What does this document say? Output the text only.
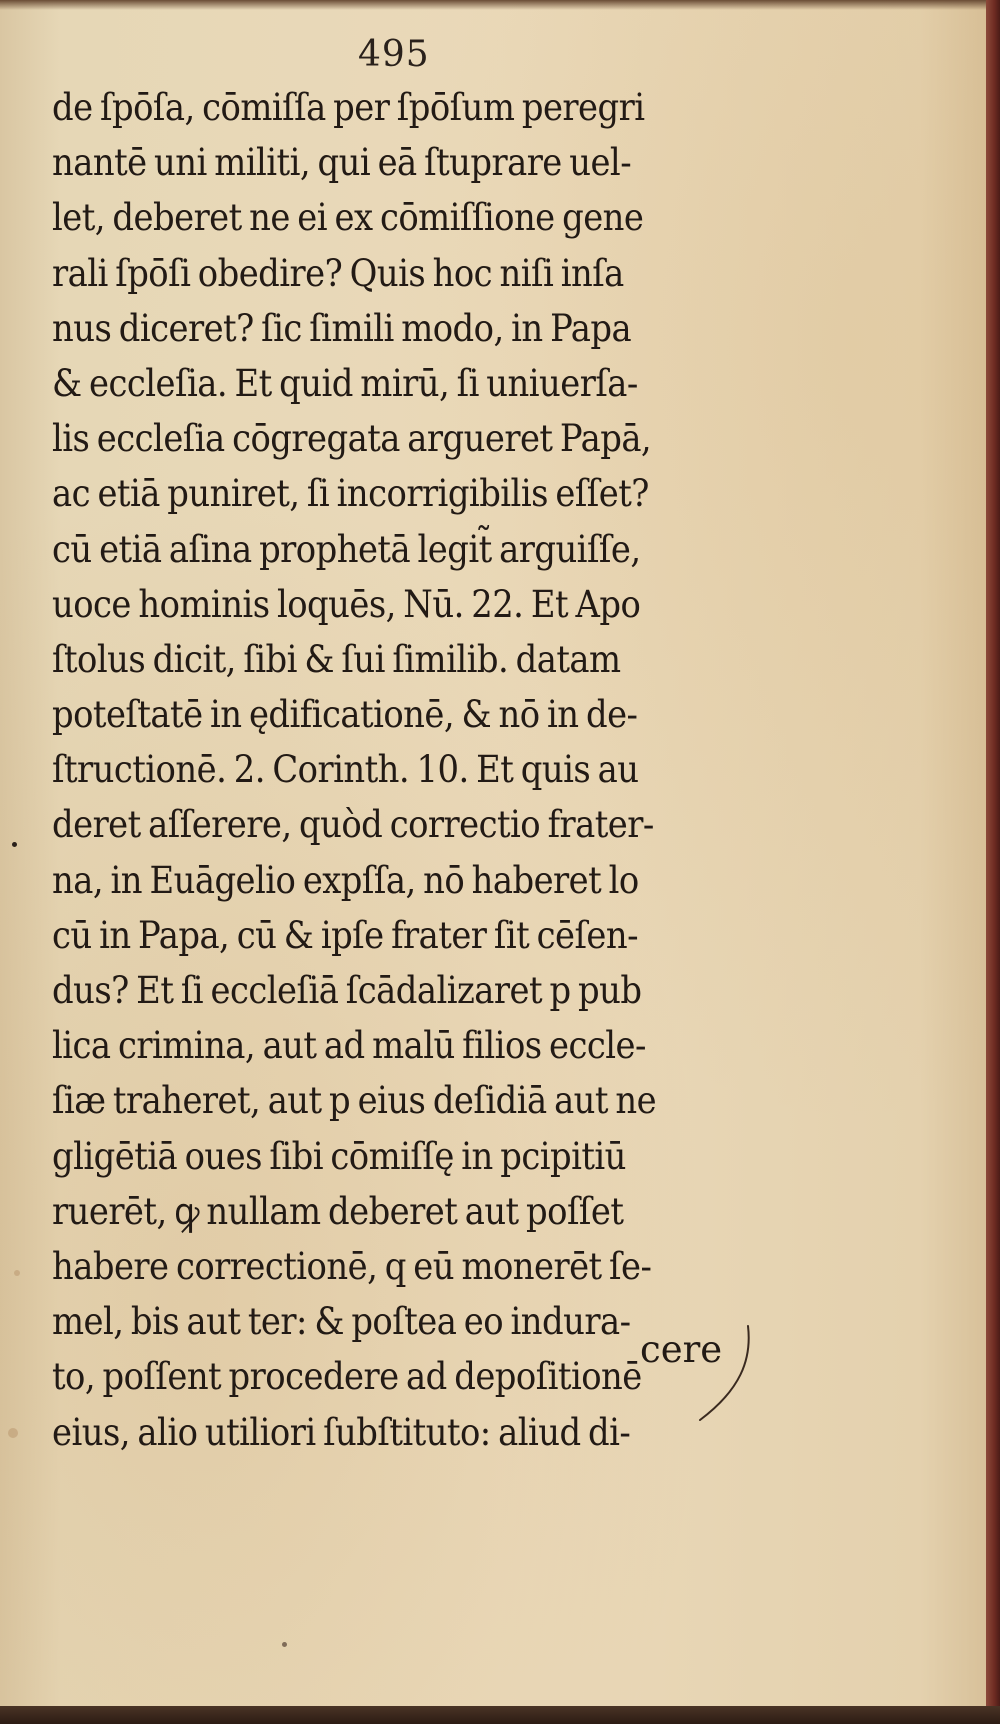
495
de ſpōſa, cōmiſſa per ſpōſum peregri
nantē uni militi, qui eā ſtuprare uel-
let, deberet ne ei ex cōmiſſione gene
rali ſpōſi obedire? Quis hoc niſi inſa
nus diceret? ſic ſimili modo, in Papa
& eccleſia. Et quid mirū, ſi uniuerſa-
lis eccleſia cōgregata argueret Papā,
ac etiā puniret, ſi incorrigibilis eſſet?
cū etiā aſina prophetā legit̃ arguiſſe,
uoce hominis loquēs, Nū. 22. Et Apo
ſtolus dicit, ſibi & ſui ſimilib. datam
poteſtatē in ędificationē, & nō in de-
ſtructionē. 2. Corinth. 10. Et quis au
deret aſſerere, quòd correctio frater-
na, in Euāgelio expſſa, nō haberet lo
cū in Papa, cū & ipſe frater ſit cēſen-
dus? Et ſi eccleſiā ſcādalizaret p pub
lica crimina, aut ad malū filios eccle-
ſiæ traheret, aut p eius deſidiā aut ne
gligētiā oues ſibi cōmiſſę in pcipitiū
ruerēt, ꝙ nullam deberet aut poſſet
habere correctionē, q eū monerēt ſe-
mel, bis aut ter: & poſtea eo indura-
to, poſſent procedere ad depoſitionē
eius, alio utiliori ſubſtituto: aliud di-
cere
